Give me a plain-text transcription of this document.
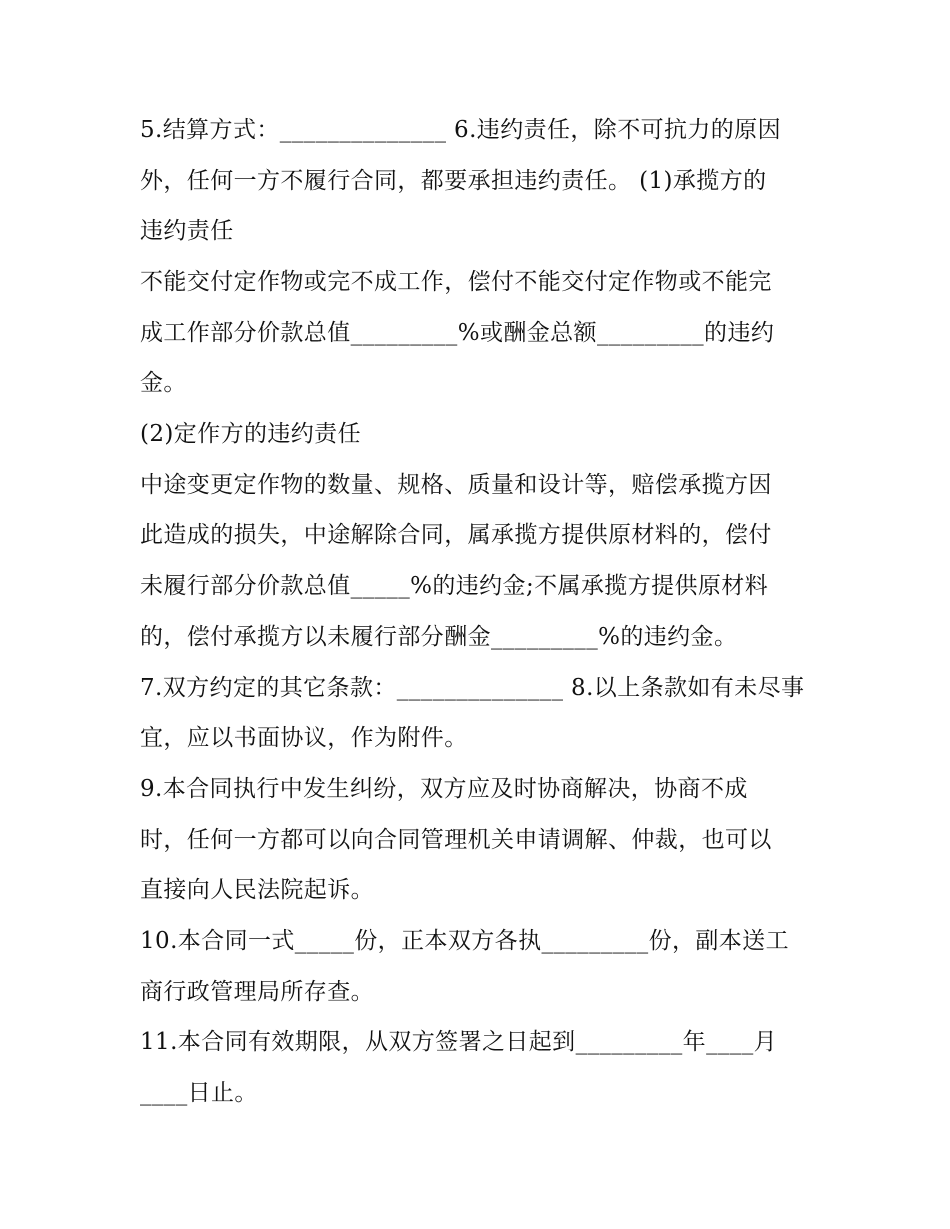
5.结算方式：______________ 6.违约责任，除不可抗力的原因
外，任何一方不履行合同，都要承担违约责任。 (1)承揽方的
违约责任
不能交付定作物或完不成工作，偿付不能交付定作物或不能完
成工作部分价款总值_________%或酬金总额_________的违约
金。
(2)定作方的违约责任
中途变更定作物的数量、规格、质量和设计等，赔偿承揽方因
此造成的损失，中途解除合同，属承揽方提供原材料的，偿付
未履行部分价款总值_____%的违约金;不属承揽方提供原材料
的，偿付承揽方以未履行部分酬金_________%的违约金。
7.双方约定的其它条款：______________ 8.以上条款如有未尽事
宜，应以书面协议，作为附件。
9.本合同执行中发生纠纷，双方应及时协商解决，协商不成
时，任何一方都可以向合同管理机关申请调解、仲裁，也可以
直接向人民法院起诉。
10.本合同一式_____份，正本双方各执_________份，副本送工
商行政管理局所存查。
11.本合同有效期限，从双方签署之日起到_________年____月
____日止。
